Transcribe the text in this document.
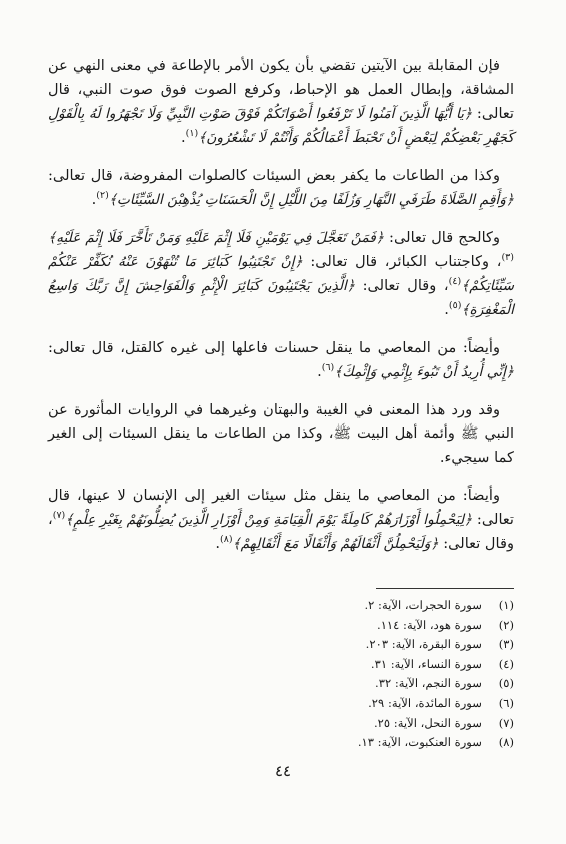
فإن المقابلة بين الآيتين تقضي بأن يكون الأمر بالإطاعة في معنى النهي عن المشاقة، وإبطال العمل هو الإحباط، وكرفع الصوت فوق صوت النبي، قال تعالى: ﴿يَا أَيُّهَا الَّذِينَ آمَنُوا لَا تَرْفَعُوا أَصْوَاتَكُمْ فَوْقَ صَوْتِ النَّبِيِّ وَلَا تَجْهَرُوا لَهُ بِالْقَوْلِ كَجَهْرِ بَعْضِكُمْ لِبَعْضٍ أَنْ تَحْبَطَ أَعْمَالُكُمْ وَأَنْتُمْ لَا تَشْعُرُونَ﴾$^{(١)}$.

وكذا من الطاعات ما يكفر بعض السيئات كالصلوات المفروضة، قال تعالى: ﴿وَأَقِمِ الصَّلَاةَ طَرَفَيِ النَّهَارِ وَزُلَفًا مِنَ اللَّيْلِ إِنَّ الْحَسَنَاتِ يُذْهِبْنَ السَّيِّئَاتِ﴾$^{(٢)}$.

وكالحج قال تعالى: ﴿فَمَنْ تَعَجَّلَ فِي يَوْمَيْنِ فَلَا إِثْمَ عَلَيْهِ وَمَنْ تَأَخَّرَ فَلَا إِثْمَ عَلَيْهِ﴾$^{(٣)}$، وكاجتناب الكبائر، قال تعالى: ﴿إِنْ تَجْتَنِبُوا كَبَائِرَ مَا تُنْهَوْنَ عَنْهُ نُكَفِّرْ عَنْكُمْ سَيِّئَاتِكُمْ﴾$^{(٤)}$، وقال تعالى: ﴿الَّذِينَ يَجْتَنِبُونَ كَبَائِرَ الْإِثْمِ وَالْفَوَاحِشَ إِنَّ رَبَّكَ وَاسِعُ الْمَغْفِرَةِ﴾$^{(٥)}$.

وأيضاً: من المعاصي ما ينقل حسنات فاعلها إلى غيره كالقتل، قال تعالى: ﴿إِنِّي أُرِيدُ أَنْ تَبُوءَ بِإِثْمِي وَإِثْمِكَ﴾$^{(٦)}$.

وقد ورد هذا المعنى في الغيبة والبهتان وغيرهما في الروايات المأثورة عن النبي ﷺ وأئمة أهل البيت ﷺ، وكذا من الطاعات ما ينقل السيئات إلى الغير كما سيجيء.

وأيضاً: من المعاصي ما ينقل مثل سيئات الغير إلى الإنسان لا عينها، قال تعالى: ﴿لِيَحْمِلُوا أَوْزَارَهُمْ كَامِلَةً يَوْمَ الْقِيَامَةِ وَمِنْ أَوْزَارِ الَّذِينَ يُضِلُّونَهُمْ بِغَيْرِ عِلْمٍ﴾$^{(٧)}$، وقال تعالى: ﴿وَلَيَحْمِلُنَّ أَثْقَالَهُمْ وَأَثْقَالًا مَعَ أَثْقَالِهِمْ﴾$^{(٨)}$.

(١)
سورة الحجرات، الآية: ٢.
(٢)
سورة هود، الآية: ١١٤.
(٣)
سورة البقرة، الآية: ٢٠٣.
(٤)
سورة النساء، الآية: ٣١.
(٥)
سورة النجم، الآية: ٣٢.
(٦)
سورة المائدة، الآية: ٢٩.
(٧)
سورة النحل، الآية: ٢٥.
(٨)
سورة العنكبوت، الآية: ١٣.
٤٤
